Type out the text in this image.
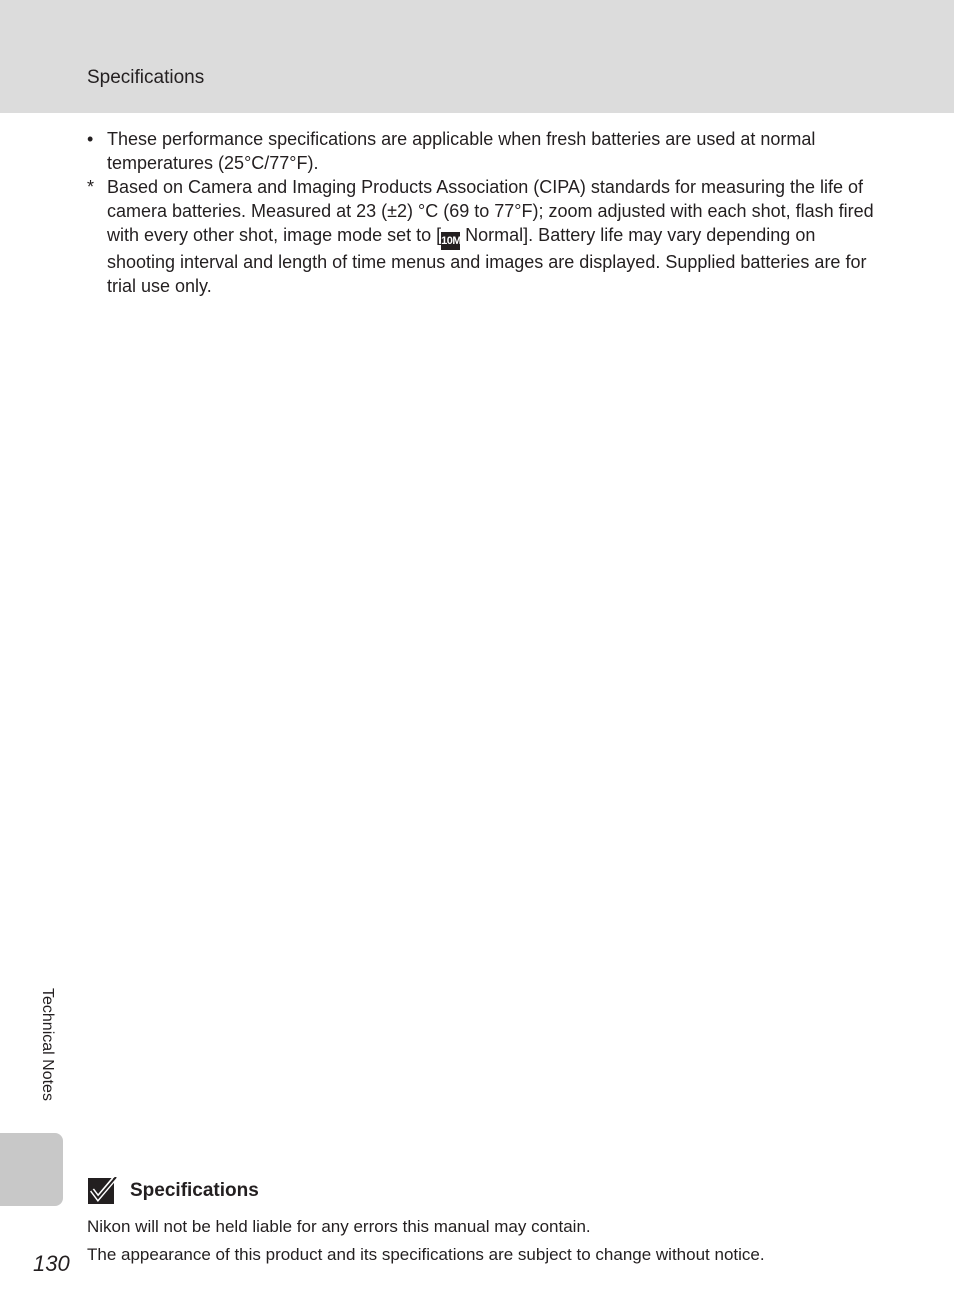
Specifications

• These performance specifications are applicable when fresh batteries are used at normal temperatures (25°C/77°F).

* Based on Camera and Imaging Products Association (CIPA) standards for measuring the life of camera batteries. Measured at 23 (±2) °C (69 to 77°F); zoom adjusted with each shot, flash fired with every other shot, image mode set to [10M Normal]. Battery life may vary depending on shooting interval and length of time menus and images are displayed. Supplied batteries are for trial use only.

Technical Notes
Specifications

Nikon will not be held liable for any errors this manual may contain.

The appearance of this product and its specifications are subject to change without notice.

130
